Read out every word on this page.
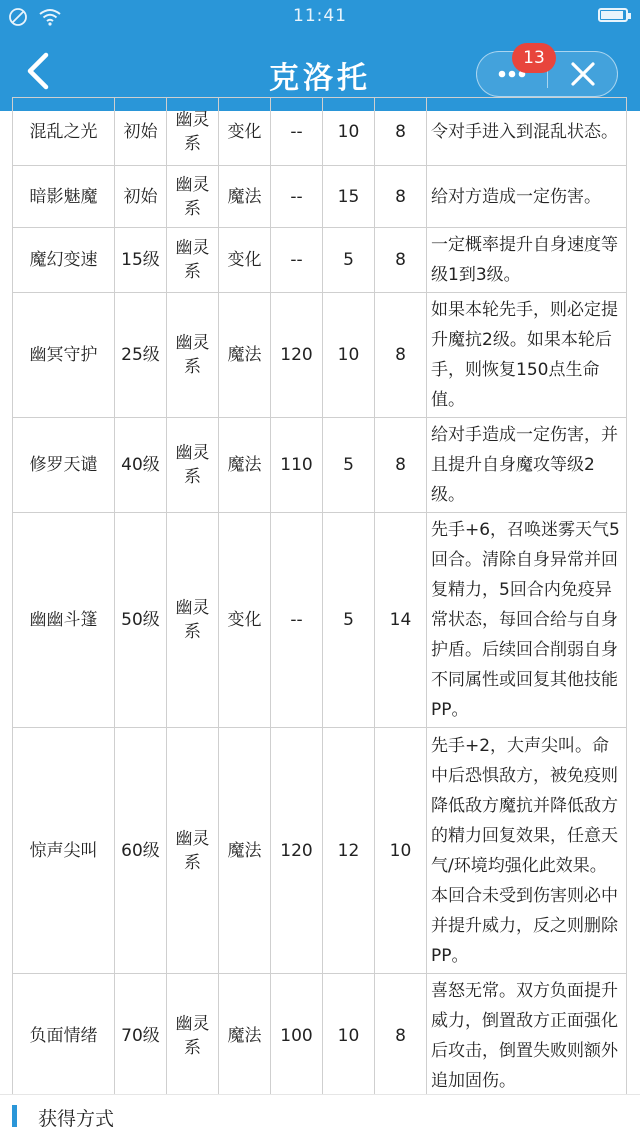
11:41
克洛托
13
混乱之光	初始	幽灵系	变化	--	10	8	令对手进入到混乱状态。
暗影魅魔	初始	幽灵系	魔法	--	15	8	给对方造成一定伤害。
魔幻变速	15级	幽灵系	变化	--	5	8	一定概率提升自身速度等级1到3级。
幽冥守护	25级	幽灵系	魔法	120	10	8	如果本轮先手，则必定提升魔抗2级。如果本轮后手，则恢复150点生命值。
修罗天谴	40级	幽灵系	魔法	110	5	8	给对手造成一定伤害，并且提升自身魔攻等级2级。
幽幽斗篷	50级	幽灵系	变化	--	5	14	先手+6，召唤迷雾天气5回合。清除自身异常并回复精力，5回合内免疫异常状态，每回合给与自身护盾。后续回合削弱自身不同属性或回复其他技能PP。
惊声尖叫	60级	幽灵系	魔法	120	12	10	先手+2，大声尖叫。命中后恐惧敌方，被免疫则降低敌方魔抗并降低敌方的精力回复效果，任意天气/环境均强化此效果。本回合未受到伤害则必中并提升威力，反之则删除PP。
负面情绪	70级	幽灵系	魔法	100	10	8	喜怒无常。双方负面提升威力，倒置敌方正面强化后攻击，倒置失败则额外追加固伤。
获得方式
